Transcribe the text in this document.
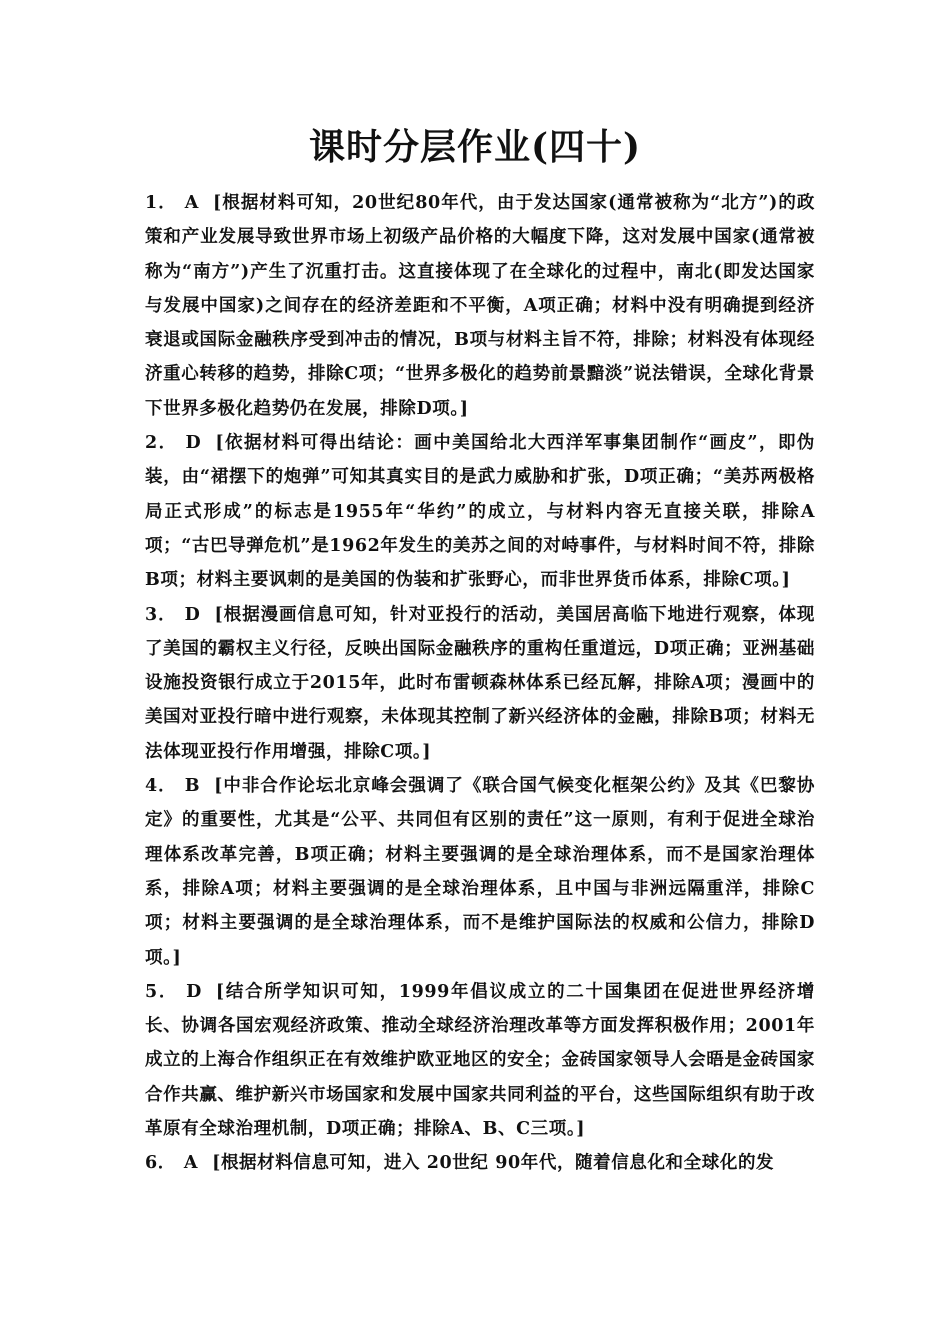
课时分层作业(四十)
1． A [根据材料可知，20世纪80年代，由于发达国家(通常被称为“北方”)的政策和产业发展导致世界市场上初级产品价格的大幅度下降，这对发展中国家(通常被称为“南方”)产生了沉重打击。这直接体现了在全球化的过程中，南北(即发达国家与发展中国家)之间存在的经济差距和不平衡，A项正确；材料中没有明确提到经济衰退或国际金融秩序受到冲击的情况，B项与材料主旨不符，排除；材料没有体现经济重心转移的趋势，排除C项；“世界多极化的趋势前景黯淡”说法错误，全球化背景下世界多极化趋势仍在发展，排除D项。]
2． D [依据材料可得出结论：画中美国给北大西洋军事集团制作“画皮”，即伪装，由“裙摆下的炮弹”可知其真实目的是武力威胁和扩张，D项正确；“美苏两极格局正式形成”的标志是1955年“华约”的成立，与材料内容无直接关联，排除A项；“古巴导弹危机”是1962年发生的美苏之间的对峙事件，与材料时间不符，排除B项；材料主要讽刺的是美国的伪装和扩张野心，而非世界货币体系，排除C项。]
3． D [根据漫画信息可知，针对亚投行的活动，美国居高临下地进行观察，体现了美国的霸权主义行径，反映出国际金融秩序的重构任重道远，D项正确；亚洲基础设施投资银行成立于2015年，此时布雷顿森林体系已经瓦解，排除A项；漫画中的美国对亚投行暗中进行观察，未体现其控制了新兴经济体的金融，排除B项；材料无法体现亚投行作用增强，排除C项。]
4． B [中非合作论坛北京峰会强调了《联合国气候变化框架公约》及其《巴黎协定》的重要性，尤其是“公平、共同但有区别的责任”这一原则，有利于促进全球治理体系改革完善，B项正确；材料主要强调的是全球治理体系，而不是国家治理体系，排除A项；材料主要强调的是全球治理体系，且中国与非洲远隔重洋，排除C项；材料主要强调的是全球治理体系，而不是维护国际法的权威和公信力，排除D项。]
5． D [结合所学知识可知，1999年倡议成立的二十国集团在促进世界经济增长、协调各国宏观经济政策、推动全球经济治理改革等方面发挥积极作用；2001年成立的上海合作组织正在有效维护欧亚地区的安全；金砖国家领导人会晤是金砖国家合作共赢、维护新兴市场国家和发展中国家共同利益的平台，这些国际组织有助于改革原有全球治理机制，D项正确；排除A、B、C三项。]
6． A [根据材料信息可知，进入 20世纪 90年代，随着信息化和全球化的发
